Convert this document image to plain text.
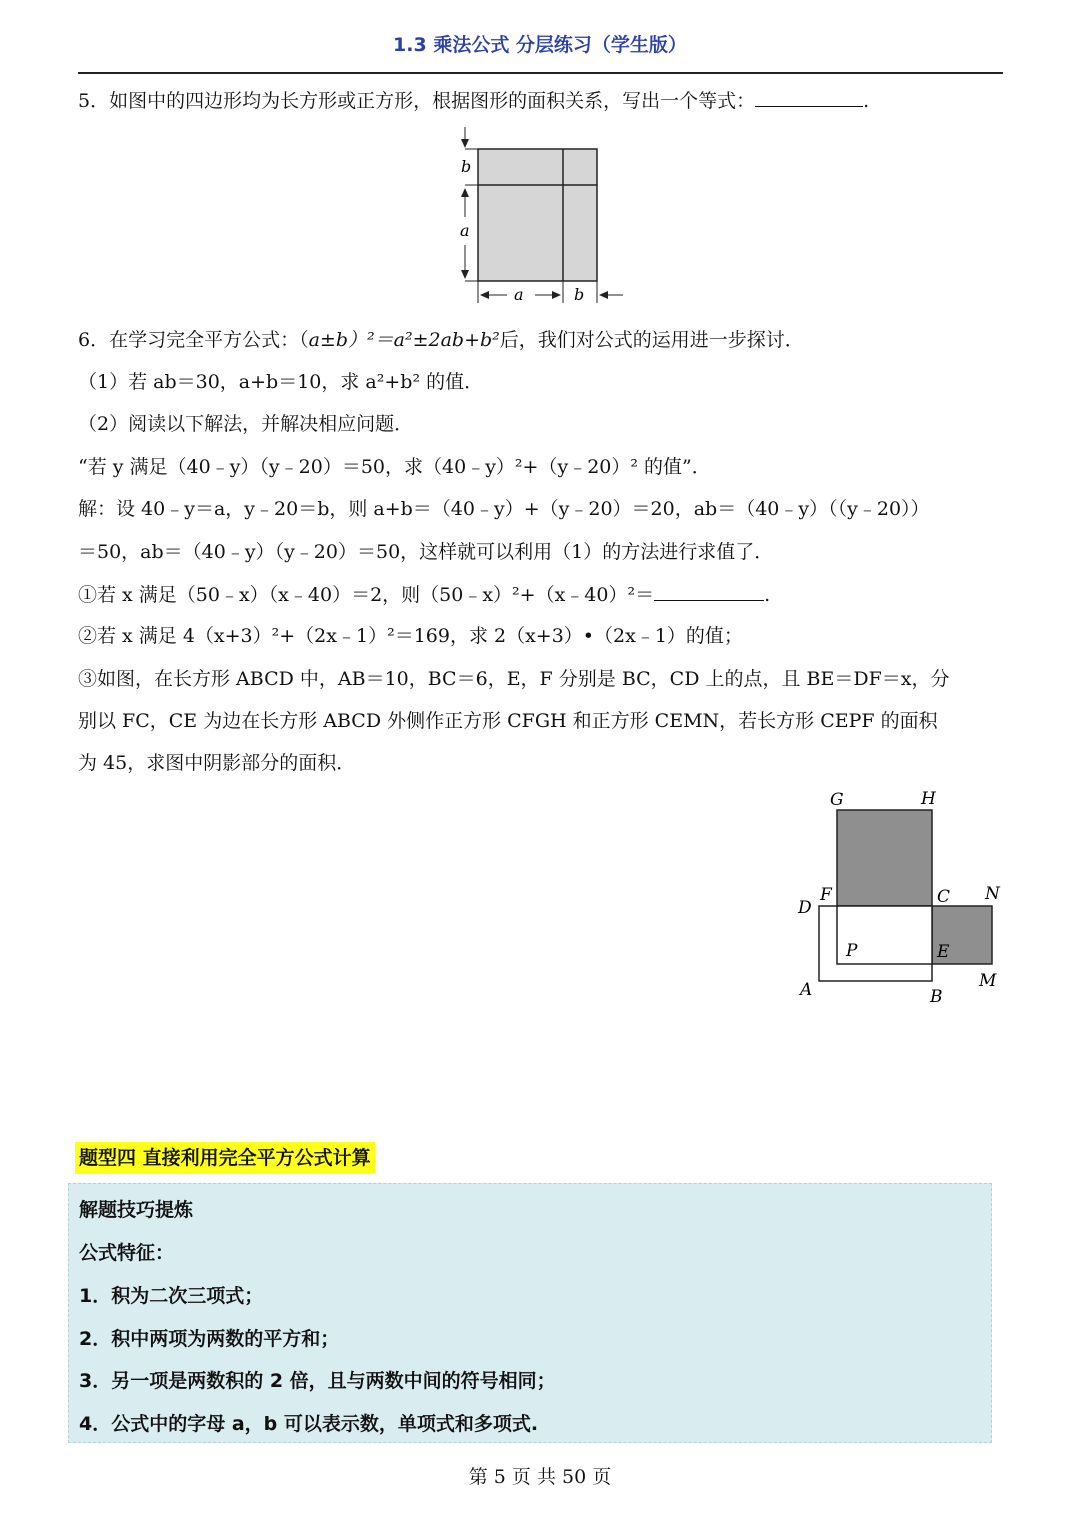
1.3 乘法公式 分层练习（学生版）
5．如图中的四边形均为长方形或正方形，根据图形的面积关系，写出一个等式：	.
b
a
a	b
6．在学习完全平方公式：（a±b）²＝a²±2ab+b²后，我们对公式的运用进一步探讨．
（1）若 ab＝30，a+b＝10，求 a²+b² 的值．
（2）阅读以下解法，并解决相应问题．
“若 y 满足（40﹣y）（y﹣20）＝50，求（40﹣y）²+（y﹣20）² 的值”．
解：设 40﹣y＝a，y﹣20＝b，则 a+b＝（40﹣y）+（y﹣20）＝20，ab＝（40﹣y）（（y﹣20））
＝50，ab＝（40﹣y）（y﹣20）＝50，这样就可以利用（1）的方法进行求值了．
①若 x 满足（50﹣x）（x﹣40）＝2，则（50﹣x）²+（x﹣40）²＝	.
②若 x 满足 4（x+3）²+（2x﹣1）²＝169，求 2（x+3）•（2x﹣1）的值；
③如图，在长方形 ABCD 中，AB＝10，BC＝6，E，F 分别是 BC，CD 上的点，且 BE＝DF＝x，分
别以 FC，CE 为边在长方形 ABCD 外侧作正方形 CFGH 和正方形 CEMN，若长方形 CEPF 的面积
为 45，求图中阴影部分的面积．
G	H
D
F	C N
P	E
A	B
M
题型四 直接利用完全平方公式计算
解题技巧提炼
公式特征：
1．积为二次三项式；
2．积中两项为两数的平方和；
3．另一项是两数积的 2 倍，且与两数中间的符号相同；
4．公式中的字母 a，b 可以表示数，单项式和多项式.
第 5 页 共 50 页
